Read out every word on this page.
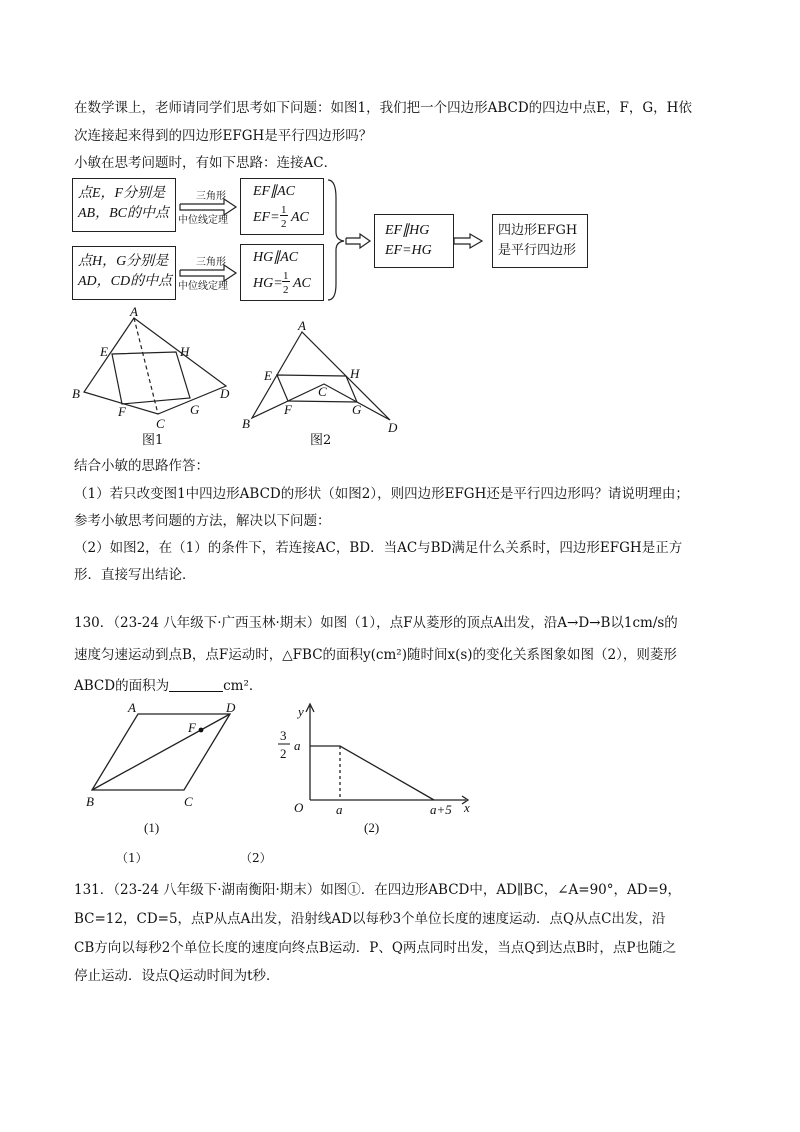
在数学课上，老师请同学们思考如下问题：如图1，我们把一个四边形ABCD的四边中点E，F，G，H依
次连接起来得到的四边形EFGH是平行四边形吗？
小敏在思考问题时，有如下思路：连接AC．
点E，F分别是
AB，BC的中点
点H，G分别是
AD，CD的中点
三角形
中位线定理
三角形
中位线定理
EF∥AC
EF= 1
2 AC
HG∥AC
HG= 1
2 AC
EF∥HG
EF=HG
四边形EFGH
是平行四边形
A
B
C
D
E
F	G
H
图1
A
B
C
D
E
F	G
H
图2
结合小敏的思路作答：
（1）若只改变图1中四边形ABCD的形状（如图2），则四边形EFGH还是平行四边形吗？请说明理由；
参考小敏思考问题的方法，解决以下问题：
（2）如图2，在（1）的条件下，若连接AC，BD．当AC与BD满足什么关系时，四边形EFGH是正方
形．直接写出结论．
130．（23-24 八年级下·广西玉林·期末）如图（1），点F从菱形的顶点A出发，沿A→D→B以1cm/s的
速度匀速运动到点B，点F运动时，△FBC的面积y(cm²)随时间x(s)的变化关系图象如图（2），则菱形
ABCD的面积为	cm²．
A	D
F
B	C
(1)
（1）
y
x
O	a	a+5
3
2
a
(2)
（2）
131．（23-24 八年级下·湖南衡阳·期末）如图①．在四边形ABCD中，AD∥BC，∠A=90°，AD=9，
BC=12，CD=5，点P从点A出发，沿射线AD以每秒3个单位长度的速度运动．点Q从点C出发，沿
CB方向以每秒2个单位长度的速度向终点B运动．P、Q两点同时出发，当点Q到达点B时，点P也随之
停止运动．设点Q运动时间为t秒．
